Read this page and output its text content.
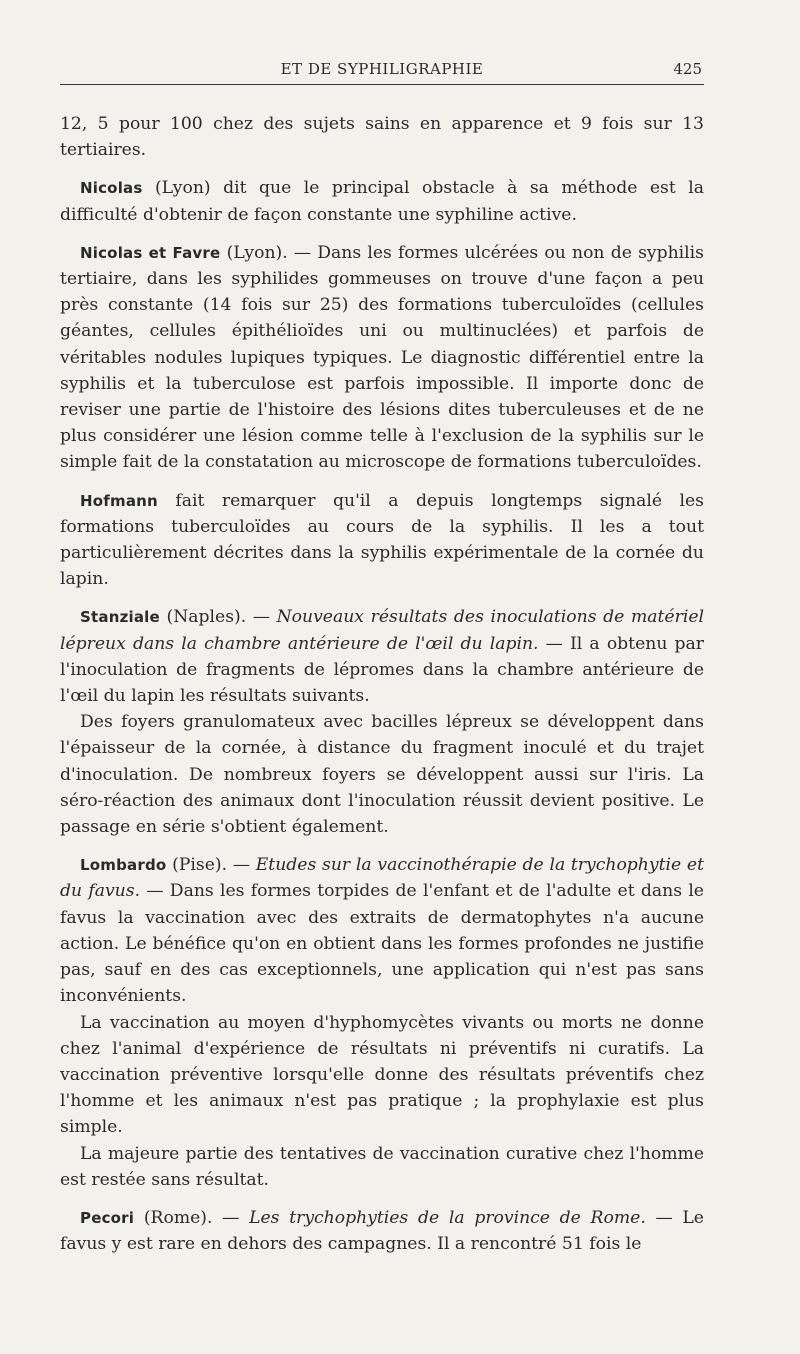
ET DE SYPHILIGRAPHIE	425

12, 5 pour 100 chez des sujets sains en apparence et 9 fois sur 13 tertiaires.

Nicolas (Lyon) dit que le principal obstacle à sa méthode est la difficulté d'obtenir de façon constante une syphiline active.

Nicolas et Favre (Lyon). — Dans les formes ulcérées ou non de syphilis tertiaire, dans les syphilides gommeuses on trouve d'une façon a peu près constante (14 fois sur 25) des formations tuberculoïdes (cellules géantes, cellules épithélioïdes uni ou multinuclées) et parfois de véritables nodules lupiques typiques. Le diagnostic différentiel entre la syphilis et la tuberculose est parfois impossible. Il importe donc de reviser une partie de l'histoire des lésions dites tuberculeuses et de ne plus considérer une lésion comme telle à l'exclusion de la syphilis sur le simple fait de la constatation au microscope de formations tuberculoïdes.

Hofmann fait remarquer qu'il a depuis longtemps signalé les formations tuberculoïdes au cours de la syphilis. Il les a tout particulièrement décrites dans la syphilis expérimentale de la cornée du lapin.

Stanziale (Naples). — Nouveaux résultats des inoculations de matériel lépreux dans la chambre antérieure de l'œil du lapin. — Il a obtenu par l'inoculation de fragments de lépromes dans la chambre antérieure de l'œil du lapin les résultats suivants.

Des foyers granulomateux avec bacilles lépreux se développent dans l'épaisseur de la cornée, à distance du fragment inoculé et du trajet d'inoculation. De nombreux foyers se développent aussi sur l'iris. La séro-réaction des animaux dont l'inoculation réussit devient positive. Le passage en série s'obtient également.

Lombardo (Pise). — Etudes sur la vaccinothérapie de la trychophytie et du favus. — Dans les formes torpides de l'enfant et de l'adulte et dans le favus la vaccination avec des extraits de dermatophytes n'a aucune action. Le bénéfice qu'on en obtient dans les formes profondes ne justifie pas, sauf en des cas exceptionnels, une application qui n'est pas sans inconvénients.

La vaccination au moyen d'hyphomycètes vivants ou morts ne donne chez l'animal d'expérience de résultats ni préventifs ni curatifs. La vaccination préventive lorsqu'elle donne des résultats préventifs chez l'homme et les animaux n'est pas pratique ; la prophylaxie est plus simple.

La majeure partie des tentatives de vaccination curative chez l'homme est restée sans résultat.

Pecori (Rome). — Les trychophyties de la province de Rome. — Le favus y est rare en dehors des campagnes. Il a rencontré 51 fois le
